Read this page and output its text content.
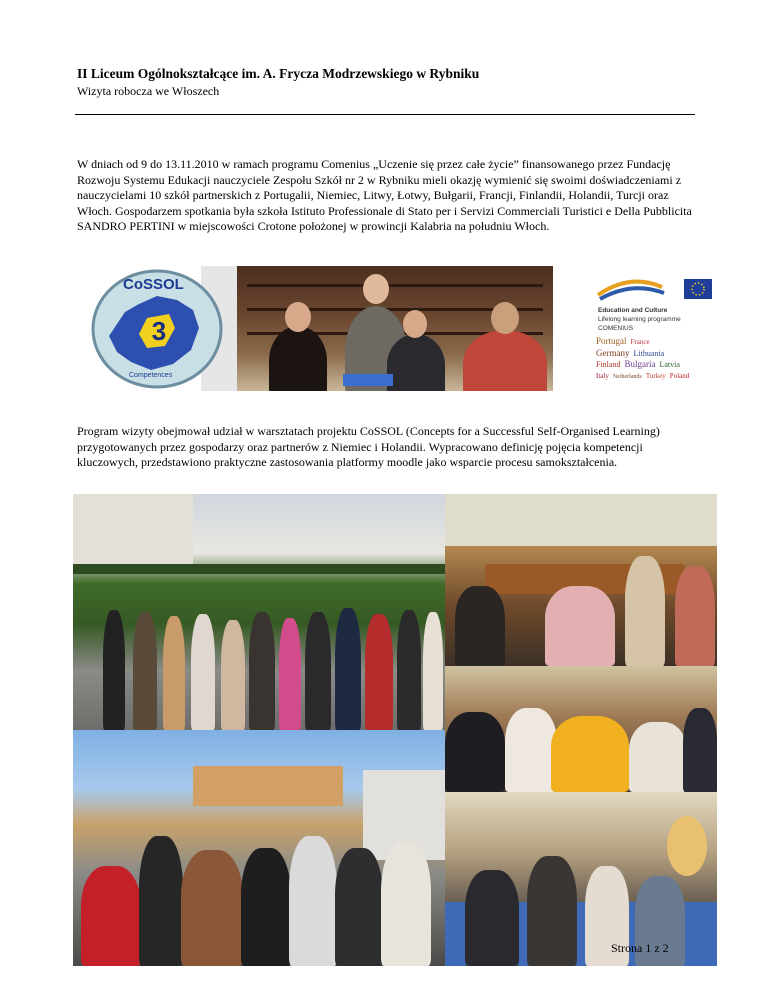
II Liceum Ogólnokształcące im. A. Frycza Modrzewskiego w Rybniku
Wizyta robocza we Włoszech
W dniach od 9 do 13.11.2010 w ramach programu Comenius „Uczenie się przez całe życie” finansowanego przez Fundację Rozwoju Systemu Edukacji nauczyciele Zespołu Szkół nr 2 w Rybniku mieli okazję wymienić się swoimi doświadczeniami z nauczycielami 10 szkół partnerskich z Portugalii, Niemiec, Litwy, Łotwy, Bułgarii, Francji, Finlandii, Holandii, Turcji oraz Włoch. Gospodarzem spotkania była szkoła Istituto Professionale di Stato per i Servizi Commerciali Turistici e Della Pubblicita SANDRO PERTINI w miejscowości Crotone położonej w prowincji Kalabria na południu Włoch.
3
CoSSOL
Competences
Education and Culture
Lifelong learning programme
COMENIUS
Portugal France
Germany Lithuania
Finland Bulgaria Latvia
Italy Netherlands Turkey Poland
Program wizyty obejmował udział w warsztatach projektu CoSSOL (Concepts for a Successful Self-Organised Learning) przygotowanych przez gospodarzy oraz partnerów z Niemiec i Holandii. Wypracowano definicję pojęcia kompetencji kluczowych, przedstawiono praktyczne zastosowania platformy moodle jako wsparcie procesu samokształcenia.
Strona 1 z 2
